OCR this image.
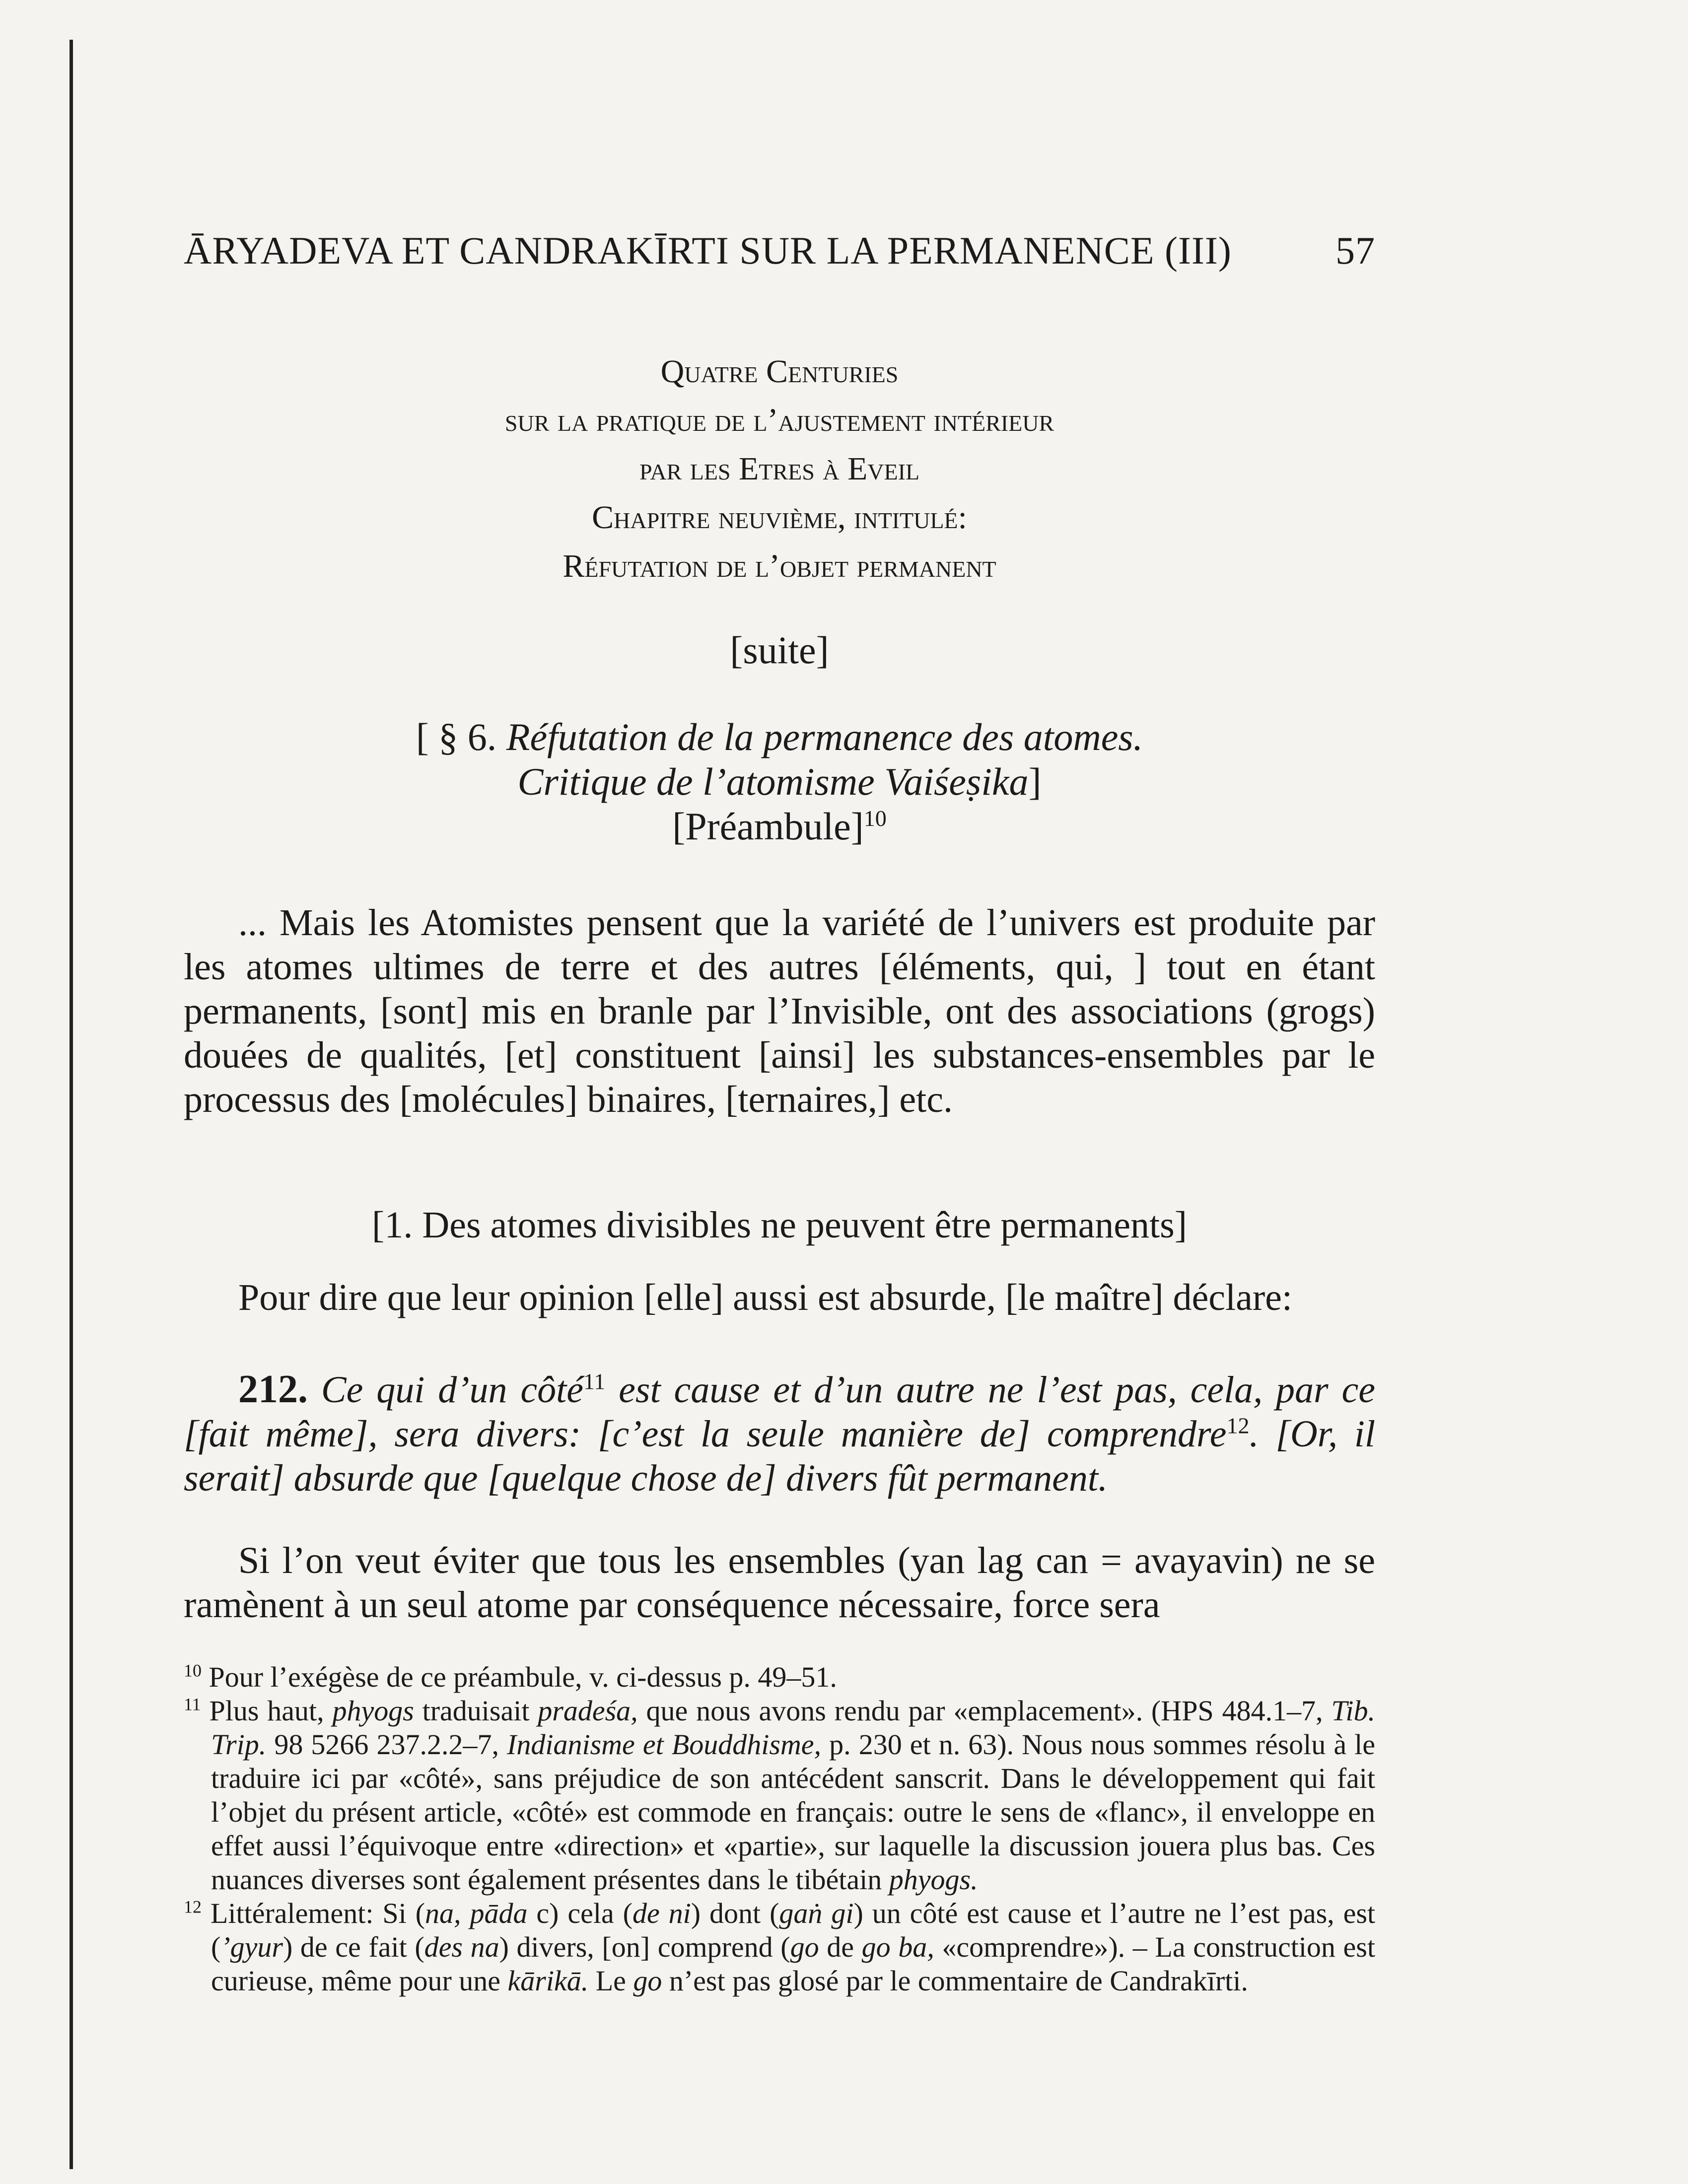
ĀRYADEVA ET CANDRAKĪRTI SUR LA PERMANENCE (III)	57
Quatre Centuries
sur la pratique de l’ajustement intérieur
par les Etres à Eveil
Chapitre neuvième, intitulé:
Réfutation de l’objet permanent
[suite]
[ § 6. Réfutation de la permanence des atomes.
Critique de l’atomisme Vaiśeṣika]
[Préambule]$^{10}$

... Mais les Atomistes pensent que la variété de l’univers est produite par les atomes ultimes de terre et des autres [éléments, qui, ] tout en étant permanents, [sont] mis en branle par l’Invisible, ont des associations (grogs) douées de qualités, [et] constituent [ainsi] les substances-ensembles par le processus des [molécules] binaires, [ternaires,] etc.

[1. Des atomes divisibles ne peuvent être permanents]

Pour dire que leur opinion [elle] aussi est absurde, [le maître] déclare:

212. Ce qui d’un côté$^{11}$ est cause et d’un autre ne l’est pas, cela, par ce [fait même], sera divers: [c’est la seule manière de] comprendre$^{12}$. [Or, il serait] absurde que [quelque chose de] divers fût permanent.

Si l’on veut éviter que tous les ensembles (yan lag can = avayavin) ne se ramènent à un seul atome par conséquence nécessaire, force sera

$^{10}$ Pour l’exégèse de ce préambule, v. ci-dessus p. 49–51.

$^{11}$ Plus haut, phyogs traduisait pradeśa, que nous avons rendu par «emplacement». (HPS 484.1–7, Tib. Trip. 98 5266 237.2.2–7, Indianisme et Bouddhisme, p. 230 et n. 63). Nous nous sommes résolu à le traduire ici par «côté», sans préjudice de son antécédent sanscrit. Dans le développement qui fait l’objet du présent article, «côté» est commode en français: outre le sens de «flanc», il enveloppe en effet aussi l’équivoque entre «direction» et «partie», sur laquelle la discussion jouera plus bas. Ces nuances diverses sont également présentes dans le tibétain phyogs.

$^{12}$ Littéralement: Si (na, pāda c) cela (de ni) dont (gaṅ gi) un côté est cause et l’autre ne l’est pas, est (’gyur) de ce fait (des na) divers, [on] comprend (go de go ba, «comprendre»). – La construction est curieuse, même pour une kārikā. Le go n’est pas glosé par le commentaire de Candrakīrti.
